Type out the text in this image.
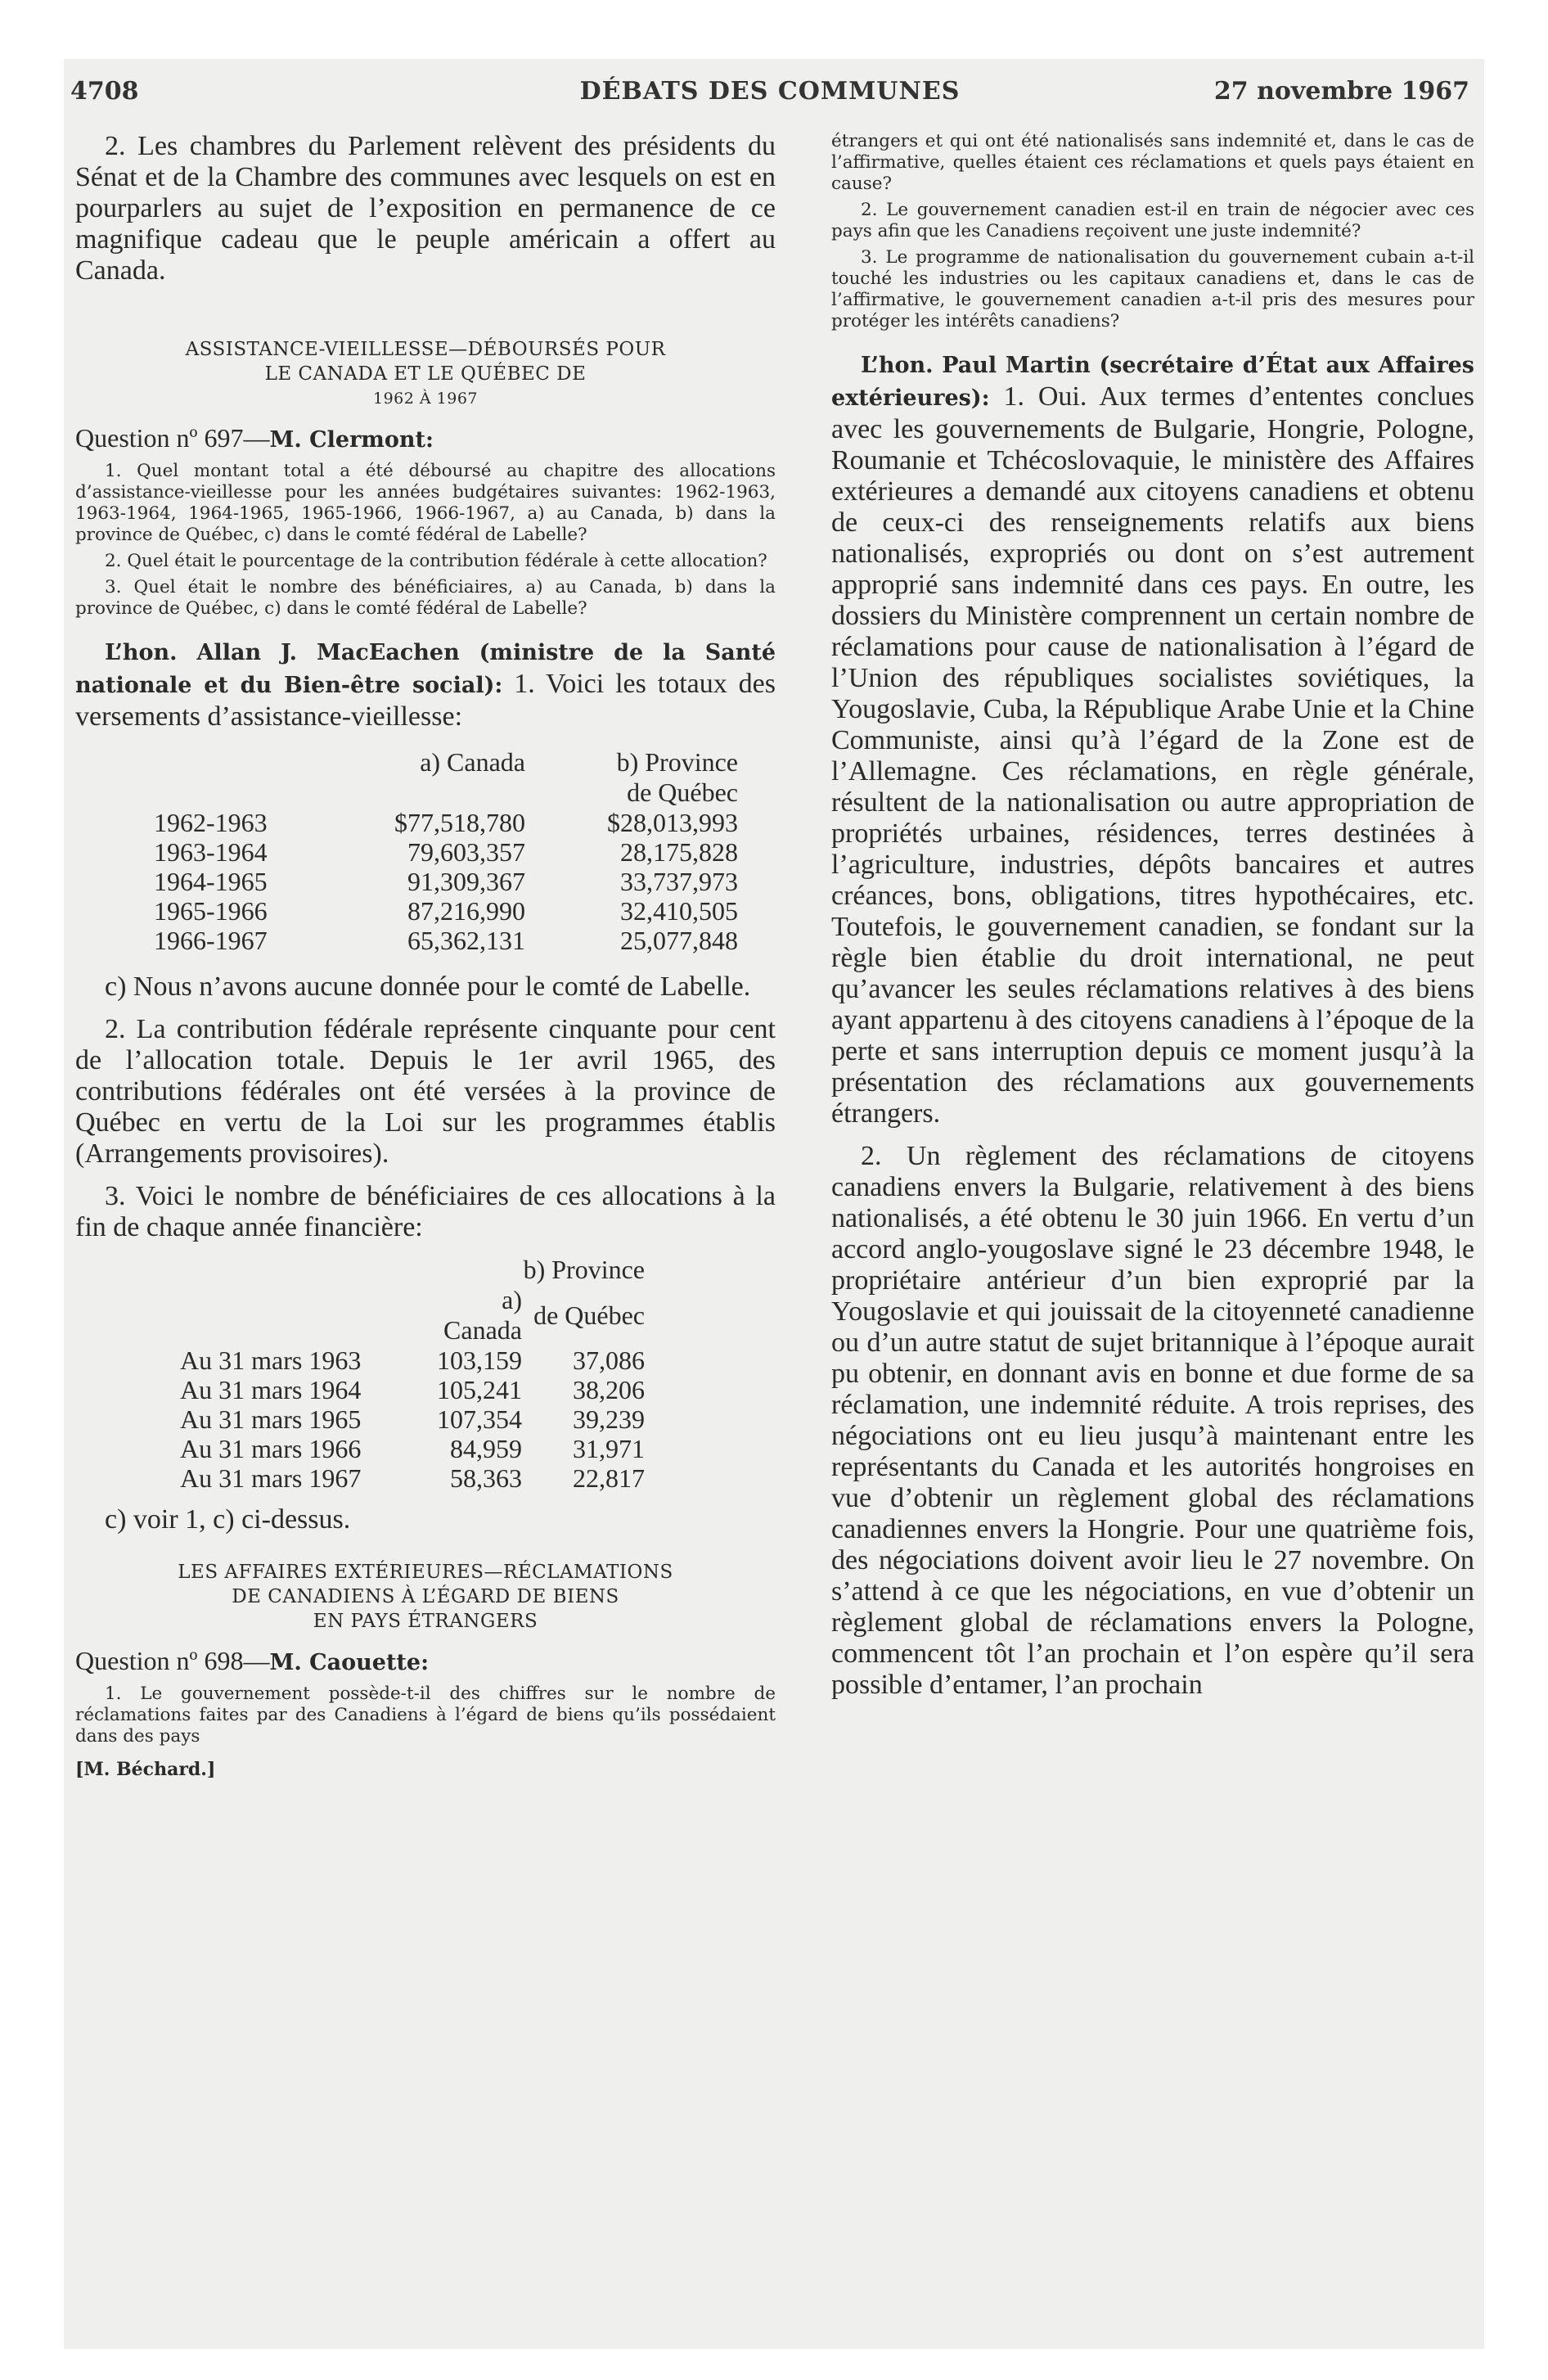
4708	DÉBATS DES COMMUNES	27 novembre 1967

2. Les chambres du Parlement relèvent des présidents du Sénat et de la Chambre des communes avec lesquels on est en pourparlers au sujet de l’exposition en permanence de ce magnifique cadeau que le peuple américain a offert au Canada.

ASSISTANCE-VIEILLESSE—DÉBOURSÉS POUR
LE CANADA ET LE QUÉBEC DE
1962 À 1967

Question nº 697—M. Clermont:

1. Quel montant total a été déboursé au chapitre des allocations d’assistance-vieillesse pour les années budgétaires suivantes: 1962-1963, 1963-1964, 1964-1965, 1965-1966, 1966-1967, a) au Canada, b) dans la province de Québec, c) dans le comté fédéral de Labelle?

2. Quel était le pourcentage de la contribution fédérale à cette allocation?

3. Quel était le nombre des bénéficiaires, a) au Canada, b) dans la province de Québec, c) dans le comté fédéral de Labelle?

L’hon. Allan J. MacEachen (ministre de la Santé nationale et du Bien-être social): 1. Voici les totaux des versements d’assistance-vieillesse:

	a) Canada	b) Province
		de Québec
1962-1963	$77,518,780	$28,013,993
1963-1964	79,603,357	28,175,828
1964-1965	91,309,367	33,737,973
1965-1966	87,216,990	32,410,505
1966-1967	65,362,131	25,077,848

c) Nous n’avons aucune donnée pour le comté de Labelle.

2. La contribution fédérale représente cinquante pour cent de l’allocation totale. Depuis le 1er avril 1965, des contributions fédérales ont été versées à la province de Québec en vertu de la Loi sur les programmes établis (Arrangements provisoires).

3. Voici le nombre de bénéficiaires de ces allocations à la fin de chaque année financière:

		b) Province
	a) Canada	de Québec
Au 31 mars 1963	103,159	37,086
Au 31 mars 1964	105,241	38,206
Au 31 mars 1965	107,354	39,239
Au 31 mars 1966	84,959	31,971
Au 31 mars 1967	58,363	22,817

c) voir 1, c) ci-dessus.

LES AFFAIRES EXTÉRIEURES—RÉCLAMATIONS
DE CANADIENS À L’ÉGARD DE BIENS
EN PAYS ÉTRANGERS

Question nº 698—M. Caouette:

1. Le gouvernement possède-t-il des chiffres sur le nombre de réclamations faites par des Canadiens à l’égard de biens qu’ils possédaient dans des pays

[M. Béchard.]

étrangers et qui ont été nationalisés sans indemnité et, dans le cas de l’affirmative, quelles étaient ces réclamations et quels pays étaient en cause?

2. Le gouvernement canadien est-il en train de négocier avec ces pays afin que les Canadiens reçoivent une juste indemnité?

3. Le programme de nationalisation du gouvernement cubain a-t-il touché les industries ou les capitaux canadiens et, dans le cas de l’affirmative, le gouvernement canadien a-t-il pris des mesures pour protéger les intérêts canadiens?

L’hon. Paul Martin (secrétaire d’État aux Affaires extérieures): 1. Oui. Aux termes d’ententes conclues avec les gouvernements de Bulgarie, Hongrie, Pologne, Roumanie et Tchécoslovaquie, le ministère des Affaires extérieures a demandé aux citoyens canadiens et obtenu de ceux-ci des renseignements relatifs aux biens nationalisés, expropriés ou dont on s’est autrement approprié sans indemnité dans ces pays. En outre, les dossiers du Ministère comprennent un certain nombre de réclamations pour cause de nationalisation à l’égard de l’Union des républiques socialistes soviétiques, la Yougoslavie, Cuba, la République Arabe Unie et la Chine Communiste, ainsi qu’à l’égard de la Zone est de l’Allemagne. Ces réclamations, en règle générale, résultent de la nationalisation ou autre appropriation de propriétés urbaines, résidences, terres destinées à l’agriculture, industries, dépôts bancaires et autres créances, bons, obligations, titres hypothécaires, etc. Toutefois, le gouvernement canadien, se fondant sur la règle bien établie du droit international, ne peut qu’avancer les seules réclamations relatives à des biens ayant appartenu à des citoyens canadiens à l’époque de la perte et sans interruption depuis ce moment jusqu’à la présentation des réclamations aux gouvernements étrangers.

2. Un règlement des réclamations de citoyens canadiens envers la Bulgarie, relativement à des biens nationalisés, a été obtenu le 30 juin 1966. En vertu d’un accord anglo-yougoslave signé le 23 décembre 1948, le propriétaire antérieur d’un bien exproprié par la Yougoslavie et qui jouissait de la citoyenneté canadienne ou d’un autre statut de sujet britannique à l’époque aurait pu obtenir, en donnant avis en bonne et due forme de sa réclamation, une indemnité réduite. A trois reprises, des négociations ont eu lieu jusqu’à maintenant entre les représentants du Canada et les autorités hongroises en vue d’obtenir un règlement global des réclamations canadiennes envers la Hongrie. Pour une quatrième fois, des négociations doivent avoir lieu le 27 novembre. On s’attend à ce que les négociations, en vue d’obtenir un règlement global de réclamations envers la Pologne, commencent tôt l’an prochain et l’on espère qu’il sera possible d’entamer, l’an prochain
